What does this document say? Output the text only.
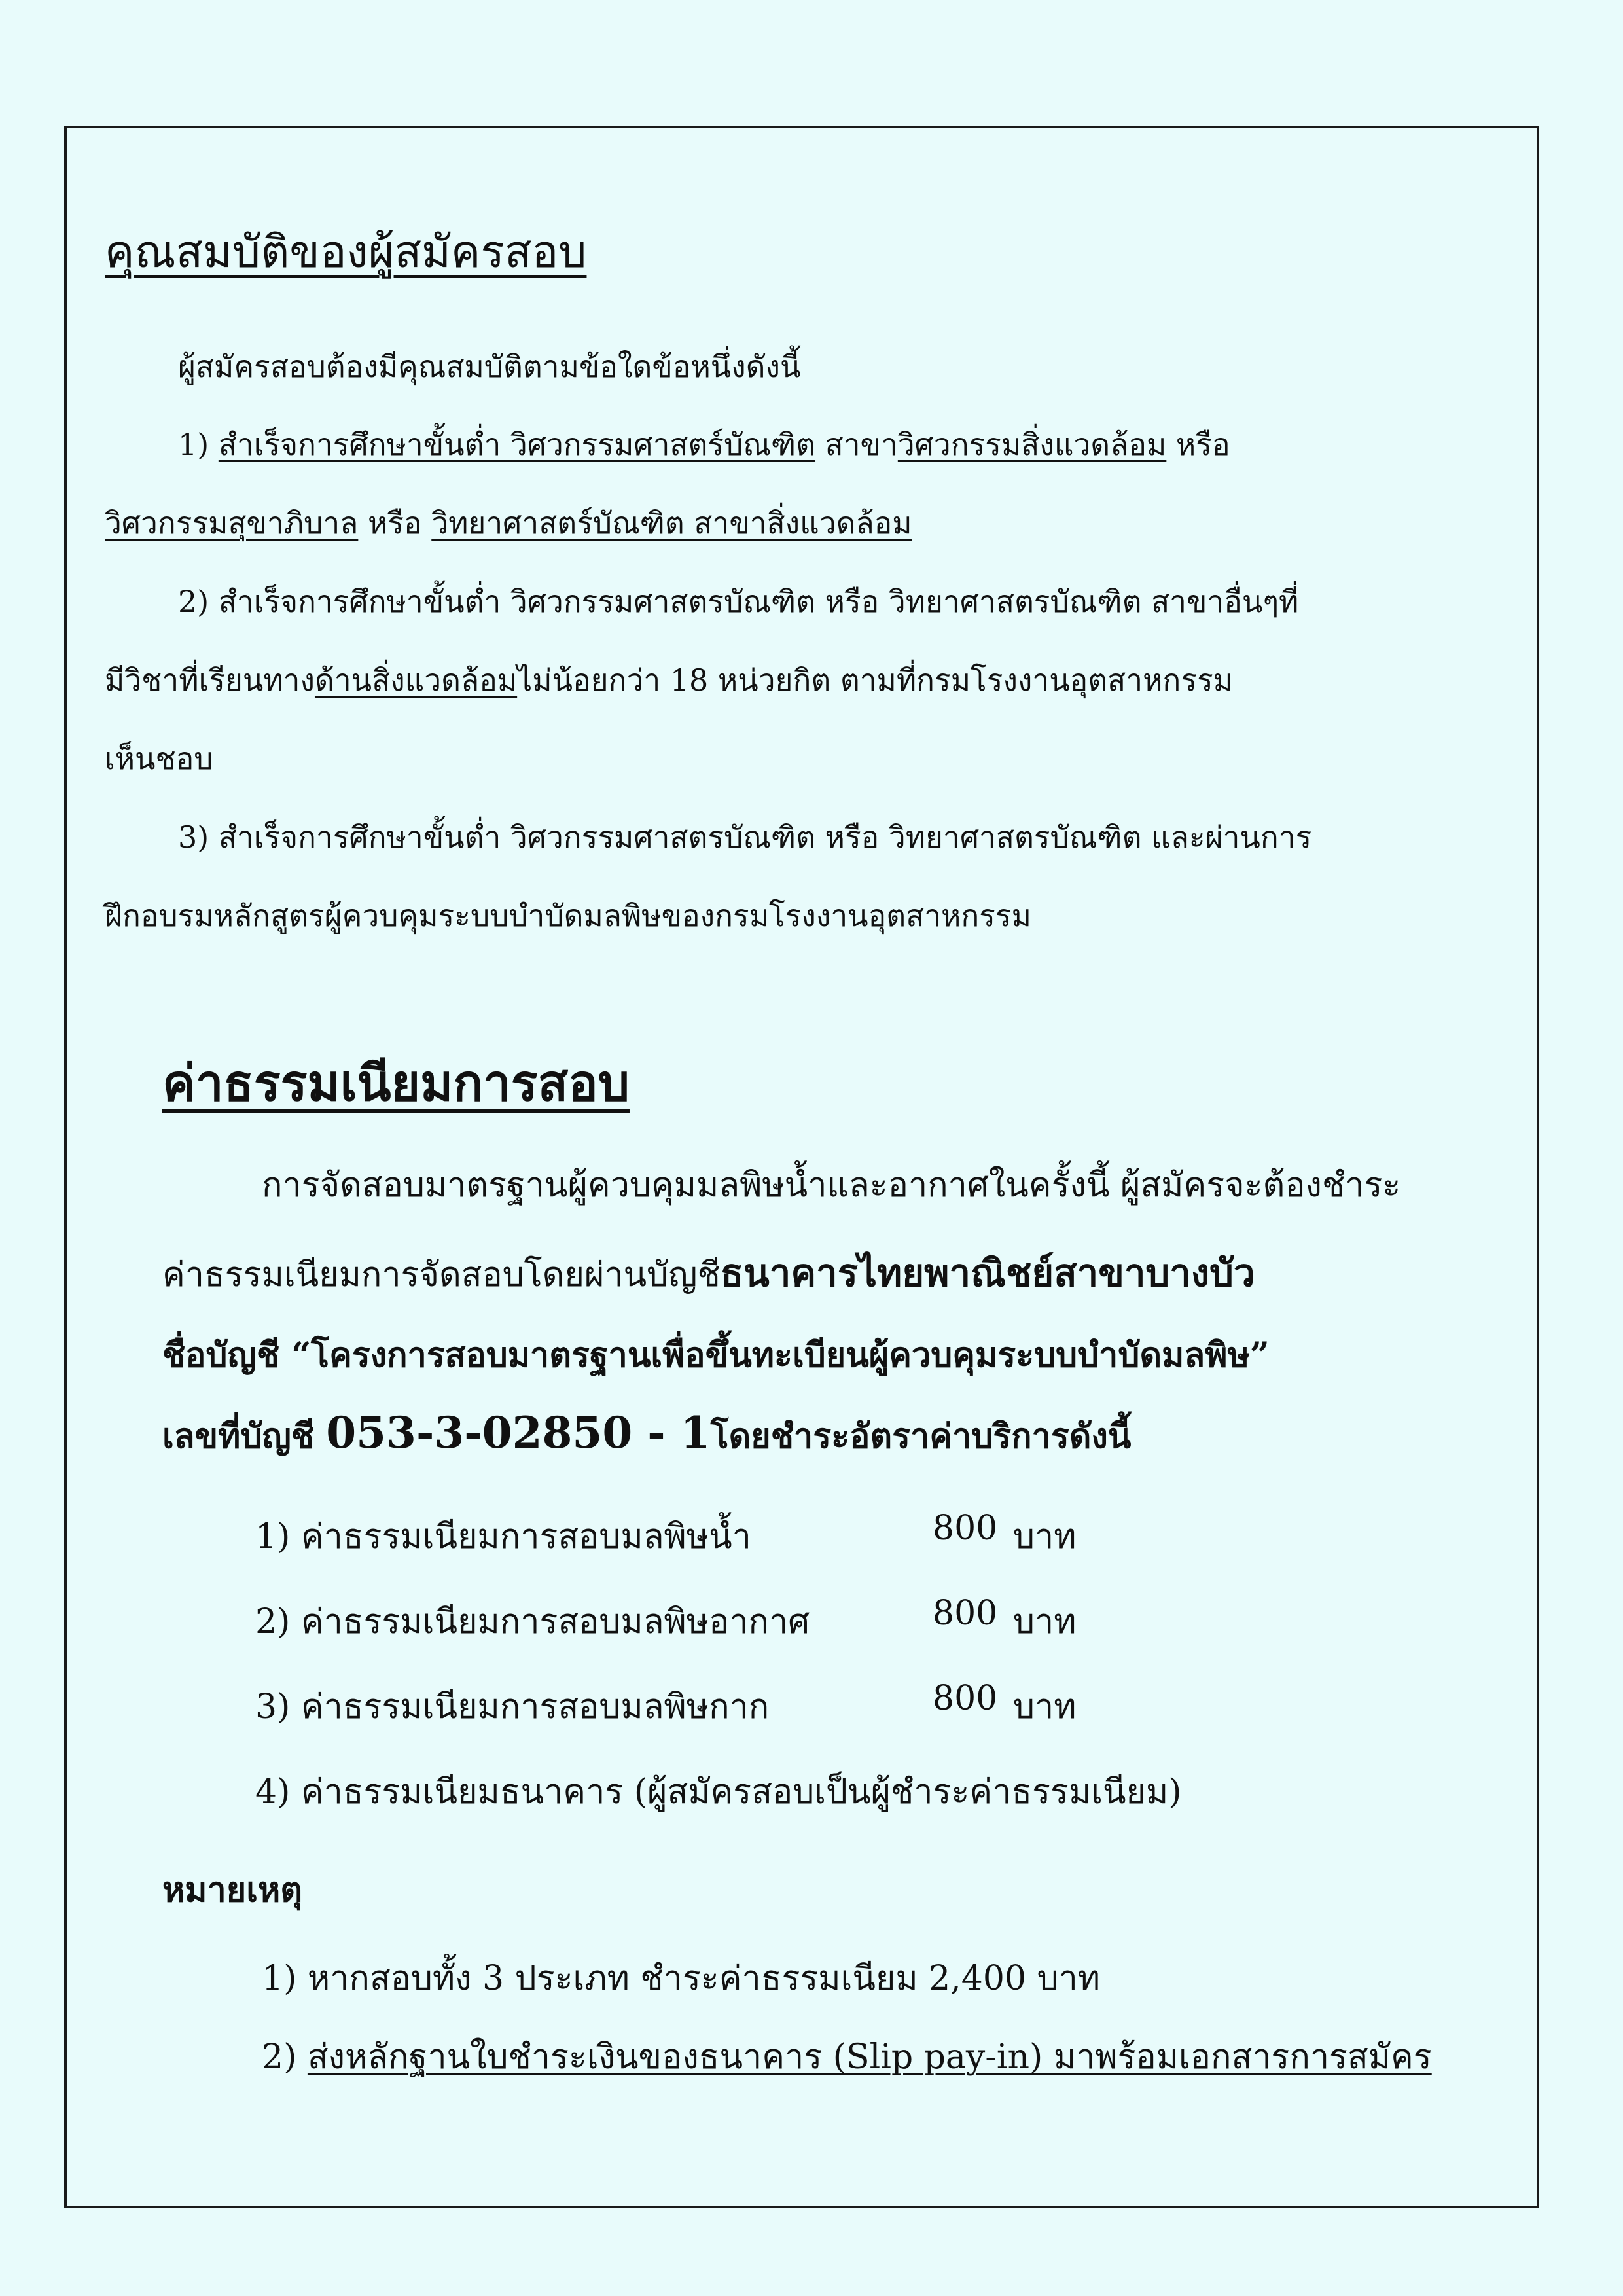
คุณสมบัติของผู้สมัครสอบ
ผู้สมัครสอบต้องมีคุณสมบัติตามข้อใดข้อหนึ่งดังนี้
1) สำเร็จการศึกษาขั้นต่ำ วิศวกรรมศาสตร์บัณฑิต สาขาวิศวกรรมสิ่งแวดล้อม หรือ
วิศวกรรมสุขาภิบาล หรือ วิทยาศาสตร์บัณฑิต สาขาสิ่งแวดล้อม
2) สำเร็จการศึกษาขั้นต่ำ วิศวกรรมศาสตรบัณฑิต หรือ วิทยาศาสตรบัณฑิต สาขาอื่นๆที่
มีวิชาที่เรียนทางด้านสิ่งแวดล้อมไม่น้อยกว่า 18 หน่วยกิต ตามที่กรมโรงงานอุตสาหกรรม
เห็นชอบ
3) สำเร็จการศึกษาขั้นต่ำ วิศวกรรมศาสตรบัณฑิต หรือ วิทยาศาสตรบัณฑิต และผ่านการ
ฝึกอบรมหลักสูตรผู้ควบคุมระบบบำบัดมลพิษของกรมโรงงานอุตสาหกรรม
ค่าธรรมเนียมการสอบ
การจัดสอบมาตรฐานผู้ควบคุมมลพิษน้ำและอากาศในครั้งนี้ ผู้สมัครจะต้องชำระ
ค่าธรรมเนียมการจัดสอบโดยผ่านบัญชีธนาคารไทยพาณิชย์สาขาบางบัว
ชื่อบัญชี “โครงการสอบมาตรฐานเพื่อขึ้นทะเบียนผู้ควบคุมระบบบำบัดมลพิษ”
เลขที่บัญชี 053-3-02850 - 1โดยชำระอัตราค่าบริการดังนี้
1) ค่าธรรมเนียมการสอบมลพิษน้ำ	800 บาท
2) ค่าธรรมเนียมการสอบมลพิษอากาศ	800 บาท
3) ค่าธรรมเนียมการสอบมลพิษกาก	800 บาท
4) ค่าธรรมเนียมธนาคาร (ผู้สมัครสอบเป็นผู้ชำระค่าธรรมเนียม)
หมายเหตุ
1) หากสอบทั้ง 3 ประเภท ชำระค่าธรรมเนียม 2,400 บาท
2) ส่งหลักฐานใบชำระเงินของธนาคาร (Slip pay-in) มาพร้อมเอกสารการสมัคร
